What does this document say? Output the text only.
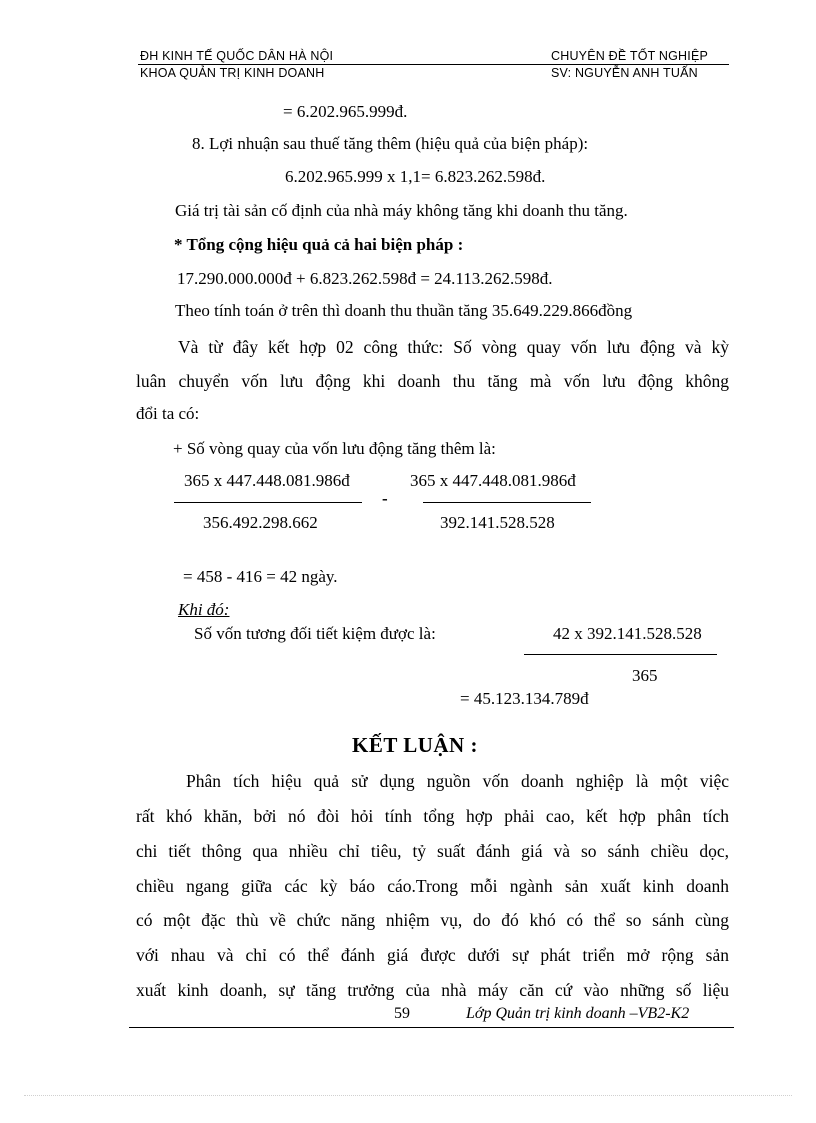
ĐH KINH TẾ QUỐC DÂN HÀ NỘI	CHUYÊN ĐỀ TỐT NGHIỆP
KHOA QUẢN TRỊ KINH DOANH	SV: NGUYỄN ANH TUẤN
= 6.202.965.999đ.
8. Lợi nhuận sau thuế tăng thêm (hiệu quả của biện pháp):
6.202.965.999 x 1,1= 6.823.262.598đ.
Giá trị tài sản cố định của nhà máy không tăng khi doanh thu tăng.
* Tổng cộng hiệu quả cả hai biện pháp :
17.290.000.000đ + 6.823.262.598đ = 24.113.262.598đ.
Theo tính toán ở trên thì doanh thu thuần tăng 35.649.229.866đồng
Và từ đây kết hợp 02 công thức: Số vòng quay vốn lưu động và kỳ
luân chuyển vốn lưu động khi doanh thu tăng mà vốn lưu động không
đổi ta có:
+ Số vòng quay của vốn lưu động tăng thêm là:
365 x 447.448.081.986đ
356.492.298.662
-
365 x 447.448.081.986đ
392.141.528.528
= 458 - 416 = 42 ngày.
Khi đó:
Số vốn tương đối tiết kiệm được là:	42 x 392.141.528.528
365
= 45.123.134.789đ
KẾT LUẬN :
Phân tích hiệu quả sử dụng nguồn vốn doanh nghiệp là một việc
rất khó khăn, bởi nó đòi hỏi tính tổng hợp phải cao, kết hợp phân tích
chi tiết thông qua nhiều chỉ tiêu, tỷ suất đánh giá và so sánh chiều dọc,
chiều ngang giữa các kỳ báo cáo.Trong mỗi ngành sản xuất kinh doanh
có một đặc thù về chức năng nhiệm vụ, do đó khó có thể so sánh cùng
với nhau và chỉ có thể đánh giá được dưới sự phát triển mở rộng sản
xuất kinh doanh, sự tăng trưởng của nhà máy căn cứ vào những số liệu
59	Lớp Quản trị kinh doanh –VB2-K2
